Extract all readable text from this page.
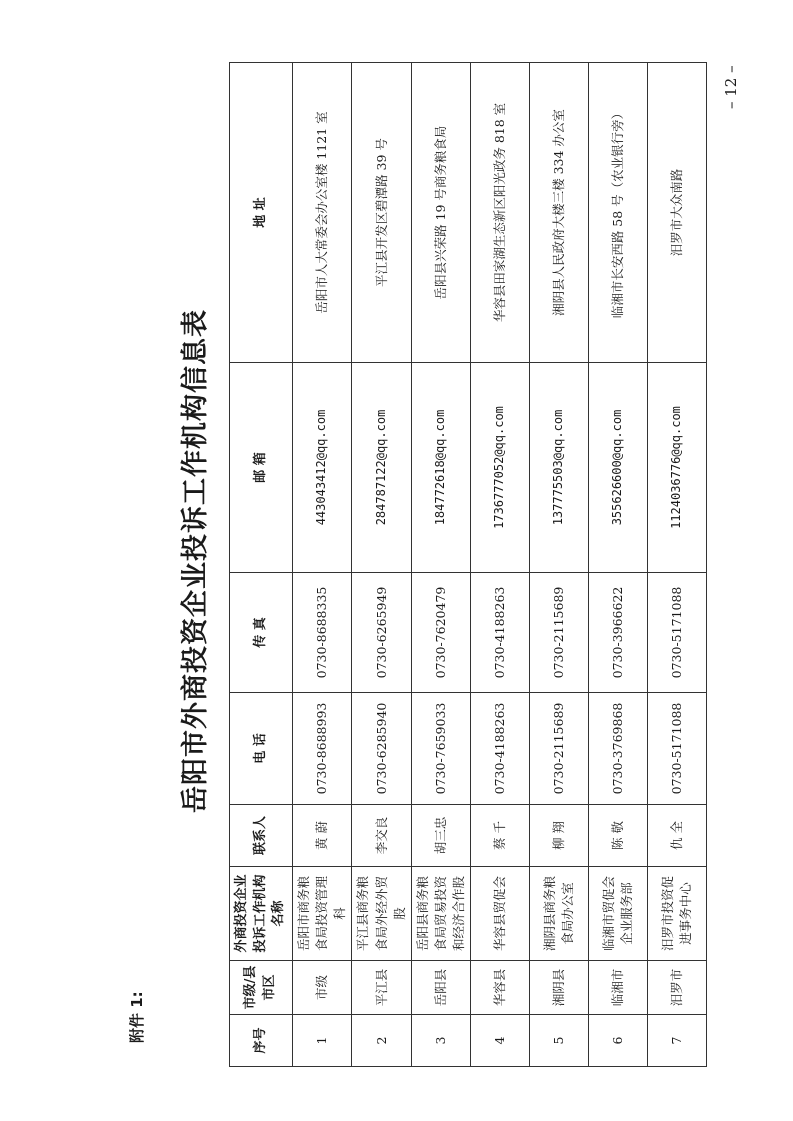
附件 1:
岳阳市外商投资企业投诉工作机构信息表
序号	市级/县市区	外商投资企业投诉工作机构名称	联系人	电 话	传 真	邮 箱	地 址
1	市级	岳阳市商务粮食局投资管理科	黄 蔚	0730-8688993	0730-8688335	443043412@qq.com	岳阳市人大常委会办公室楼 1121 室
2	平江县	平江县商务粮食局外经外贸股	李交良	0730-6285940	0730-6265949	284787122@qq.com	平江县开发区碧潭路 39 号
3	岳阳县	岳阳县商务粮食局贸易投资和经济合作股	胡三忠	0730-7659033	0730-7620479	184772618@qq.com	岳阳县兴荣路 19 号商务粮食局
4	华容县	华容县贸促会	蔡 千	0730-4188263	0730-4188263	1736777052@qq.com	华容县田家湖生态新区阳光政务 818 室
5	湘阴县	湘阴县商务粮食局办公室	柳 翔	0730-2115689	0730-2115689	137775503@qq.com	湘阴县人民政府大楼三楼 334 办公室
6	临湘市	临湘市贸促会企业服务部	陈 敬	0730-3769868	0730-3966622	355626600@qq.com	临湘市长安西路 58 号（农业银行旁）
7	汨罗市	汨罗市投资促进事务中心	仇 全	0730-5171088	0730-5171088	1124036776@qq.com	汨罗市大众南路
– 12 –
